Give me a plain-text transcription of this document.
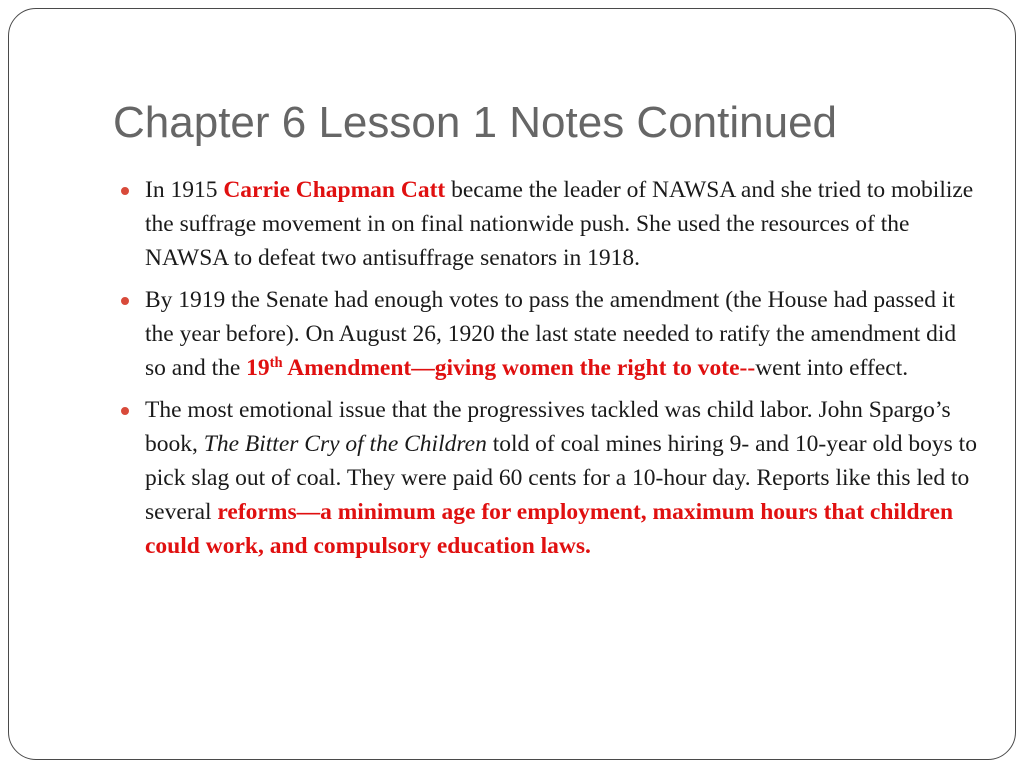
Chapter 6 Lesson 1 Notes Continued
In 1915 Carrie Chapman Catt became the leader of NAWSA and she tried to mobilize the suffrage movement in on final nationwide push. She used the resources of the NAWSA to defeat two antisuffrage senators in 1918.
By 1919 the Senate had enough votes to pass the amendment (the House had passed it the year before). On August 26, 1920 the last state needed to ratify the amendment did so and the 19th Amendment—giving women the right to vote--went into effect.
The most emotional issue that the progressives tackled was child labor. John Spargo’s book, The Bitter Cry of the Children told of coal mines hiring 9- and 10-year old boys to pick slag out of coal. They were paid 60 cents for a 10-hour day. Reports like this led to several reforms—a minimum age for employment, maximum hours that children could work, and compulsory education laws.
